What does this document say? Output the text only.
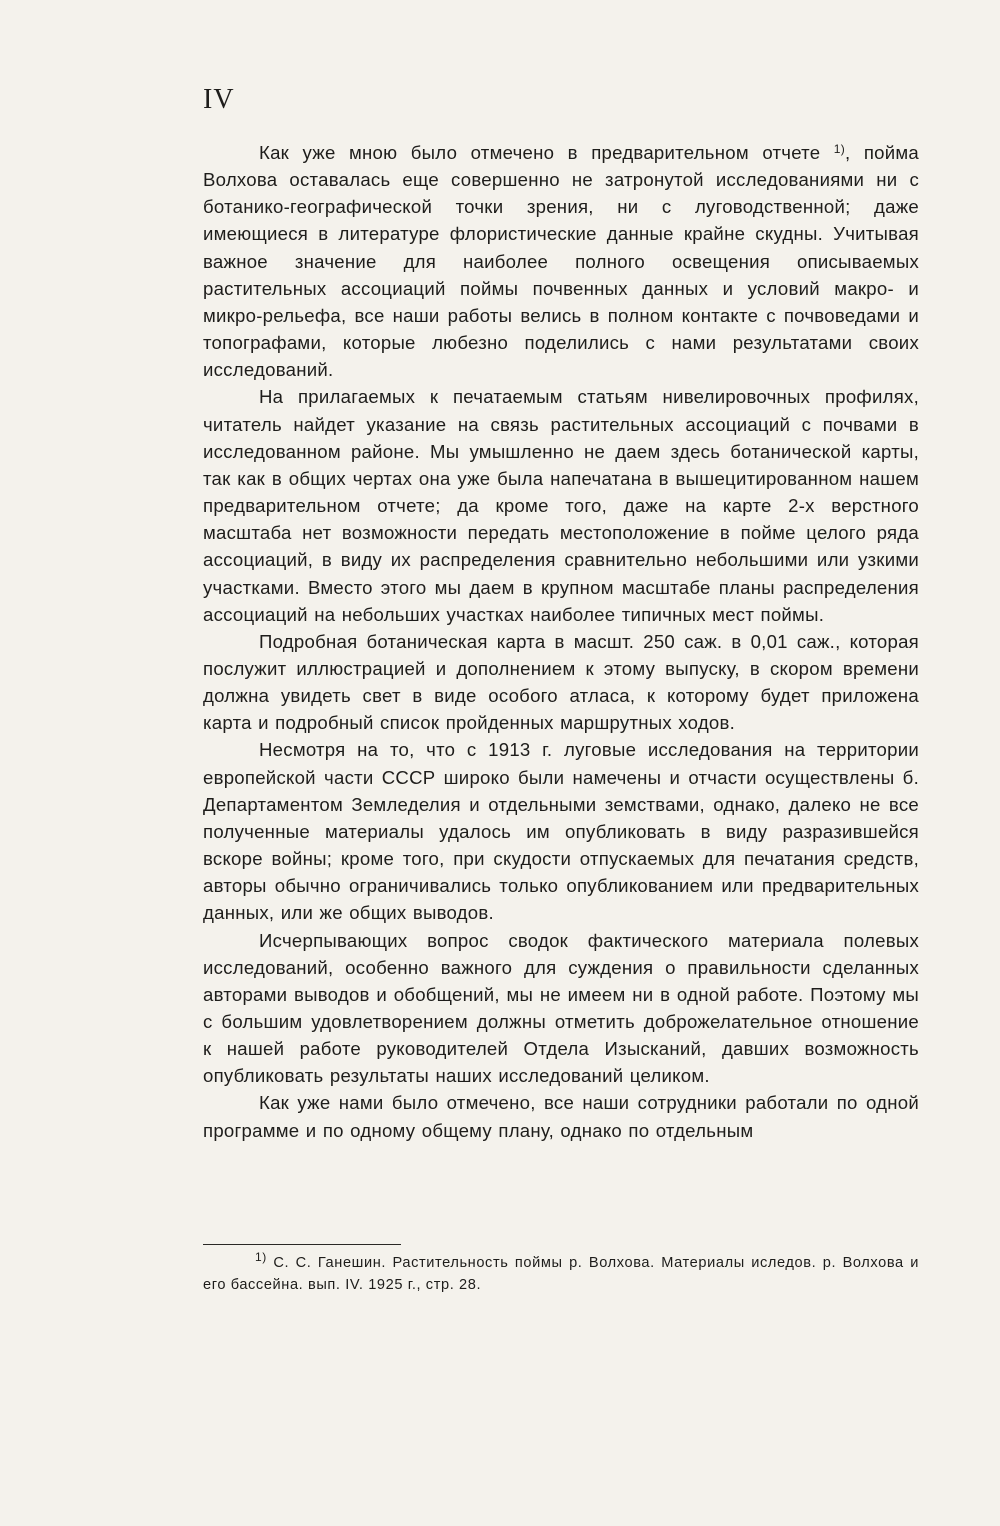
IV

Как уже мною было отмечено в предварительном отчете $^{1)}$, пойма Волхова оставалась еще совершенно не затронутой исследованиями ни с ботанико-географической точки зрения, ни с луговодственной; даже имеющиеся в литературе флористические данные крайне скудны. Учитывая важное значение для наиболее полного освещения описываемых растительных ассоциаций поймы почвенных данных и условий макро- и микро-рельефа, все наши работы велись в полном контакте с почвоведами и топографами, которые любезно поделились с нами результатами своих исследований.

На прилагаемых к печатаемым статьям нивелировочных профилях, читатель найдет указание на связь растительных ассоциаций с почвами в исследованном районе. Мы умышленно не даем здесь ботанической карты, так как в общих чертах она уже была напечатана в вышецитированном нашем предварительном отчете; да кроме того, даже на карте 2-х верстного масштаба нет возможности передать местоположение в пойме целого ряда ассоциаций, в виду их распределения сравнительно небольшими или узкими участками. Вместо этого мы даем в крупном масштабе планы распределения ассоциаций на небольших участках наиболее типичных мест поймы.

Подробная ботаническая карта в масшт. 250 саж. в 0,01 саж., которая послужит иллюстрацией и дополнением к этому выпуску, в скором времени должна увидеть свет в виде особого атласа, к которому будет приложена карта и подробный список пройденных маршрутных ходов.

Несмотря на то, что с 1913 г. луговые исследования на территории европейской части СССР широко были намечены и отчасти осуществлены б. Департаментом Земледелия и отдельными земствами, однако, далеко не все полученные материалы удалось им опубликовать в виду разразившейся вскоре войны; кроме того, при скудости отпускаемых для печатания средств, авторы обычно ограничивались только опубликованием или предварительных данных, или же общих выводов.

Исчерпывающих вопрос сводок фактического материала полевых исследований, особенно важного для суждения о правильности сделанных авторами выводов и обобщений, мы не имеем ни в одной работе. Поэтому мы с большим удовлетворением должны отметить доброжелательное отношение к нашей работе руководителей Отдела Изысканий, давших возможность опубликовать результаты наших исследований целиком.

Как уже нами было отмечено, все наши сотрудники работали по одной программе и по одному общему плану, однако по отдельным

$^{1)}$ С. С. Ганешин. Растительность поймы р. Волхова. Материалы иследов. р. Волхова и его бассейна. вып. IV. 1925 г., стр. 28.
